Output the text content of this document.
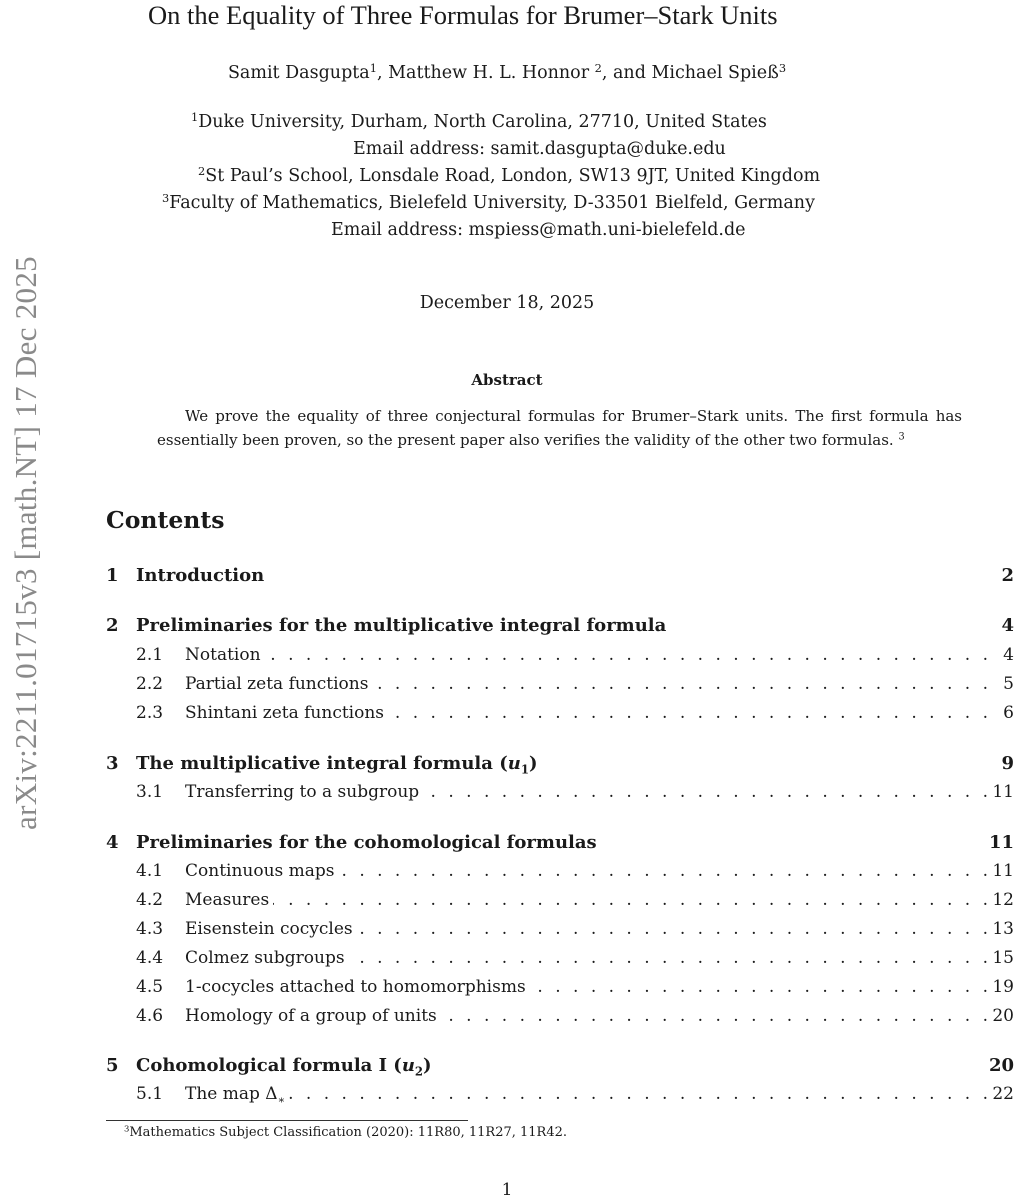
arXiv:2211.01715v3 [math.NT] 17 Dec 2025
On the Equality of Three Formulas for Brumer–Stark Units
Samit Dasgupta$^1$, Matthew H. L. Honnor $^2$, and Michael Spieß$^3$
$^1$Duke University, Durham, North Carolina, 27710, United States
Email address: samit.dasgupta@duke.edu
$^2$St Paul’s School, Lonsdale Road, London, SW13 9JT, United Kingdom
$^3$Faculty of Mathematics, Bielefeld University, D-33501 Bielfeld, Germany
Email address: mspiess@math.uni-bielefeld.de
December 18, 2025
Abstract

We prove the equality of three conjectural formulas for Brumer–Stark units. The first formula has essentially been proven, so the present paper also verifies the validity of the other two formulas. $^3$

Contents
1 Introduction	2
2 Preliminaries for the multiplicative integral formula	4
2.1	Notation . . .	4
2.2	Partial zeta functions . . .	5
2.3	Shintani zeta functions . . .	6
3 The multiplicative integral formula $(u_1)$	9
3.1	Transferring to a subgroup . . .	11
4 Preliminaries for the cohomological formulas	11
4.1	Continuous maps . . .	11
4.2	Measures . . .	12
4.3	Eisenstein cocycles . . .	13
4.4	Colmez subgroups . . .	15
4.5	1-cocycles attached to homomorphisms . . .	19
4.6	Homology of a group of units . . .	20
5 Cohomological formula I $(u_2)$	20
5.1	The map $\Delta_∗$ . . .	22
$^3$Mathematics Subject Classification (2020): 11R80, 11R27, 11R42.
1
